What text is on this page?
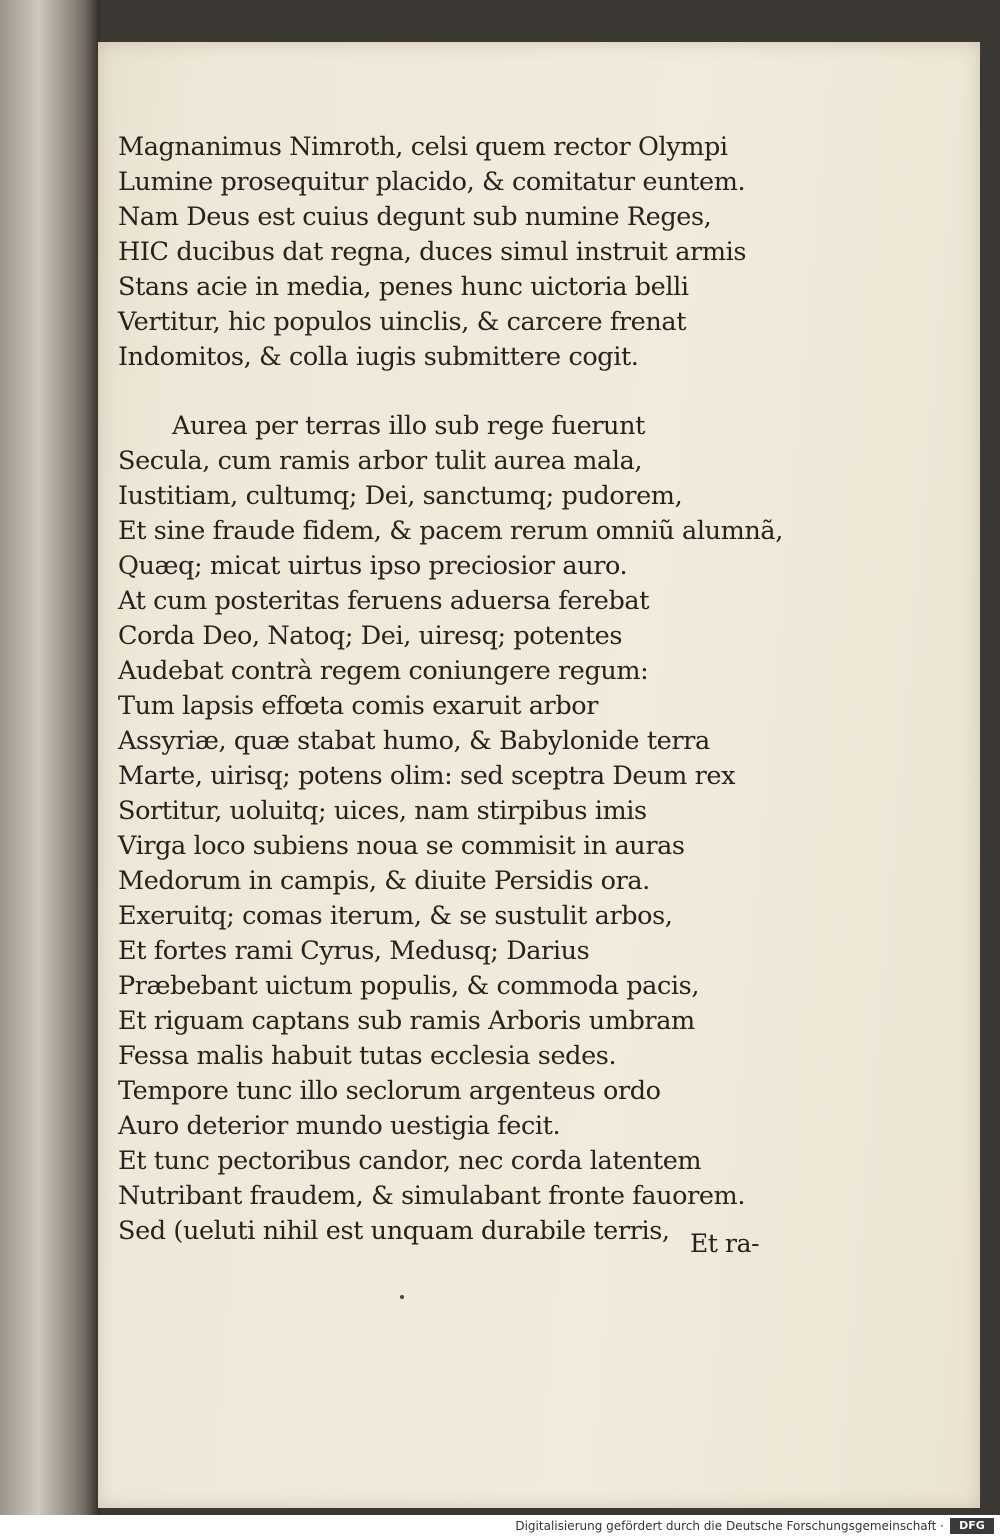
Magnanimus Nimroth, celsi quem rector Olympi
Lumine prosequitur placido, & comitatur euntem.
Nam Deus est cuius degunt sub numine Reges,
HIC ducibus dat regna, duces simul instruit armis
Stans acie in media, penes hunc uictoria belli
Vertitur, hic populos uinclis, & carcere frenat
Indomitos, & colla iugis submittere cogit.
Aurea per terras illo sub rege fuerunt
Secula, cum ramis arbor tulit aurea mala,
Iustitiam, cultumq; Dei, sanctumq; pudorem,
Et sine fraude fidem, & pacem rerum omniũ alumnã,
Quæq; micat uirtus ipso preciosior auro.
At cum posteritas feruens aduersa ferebat
Corda Deo, Natoq; Dei, uiresq; potentes
Audebat contrà regem coniungere regum:
Tum lapsis effœta comis exaruit arbor
Assyriæ, quæ stabat humo, & Babylonide terra
Marte, uirisq; potens olim: sed sceptra Deum rex
Sortitur, uoluitq; uices, nam stirpibus imis
Virga loco subiens noua se commisit in auras
Medorum in campis, & diuite Persidis ora.
Exeruitq; comas iterum, & se sustulit arbos,
Et fortes rami Cyrus, Medusq; Darius
Præbebant uictum populis, & commoda pacis,
Et riguam captans sub ramis Arboris umbram
Fessa malis habuit tutas ecclesia sedes.
Tempore tunc illo seclorum argenteus ordo
Auro deterior mundo uestigia fecit.
Et tunc pectoribus candor, nec corda latentem
Nutribant fraudem, & simulabant fronte fauorem.
Sed (ueluti nihil est unquam durabile terris, Et ra-
Digitalisierung gefördert durch die Deutsche Forschungsgemeinschaft ·	DFG
